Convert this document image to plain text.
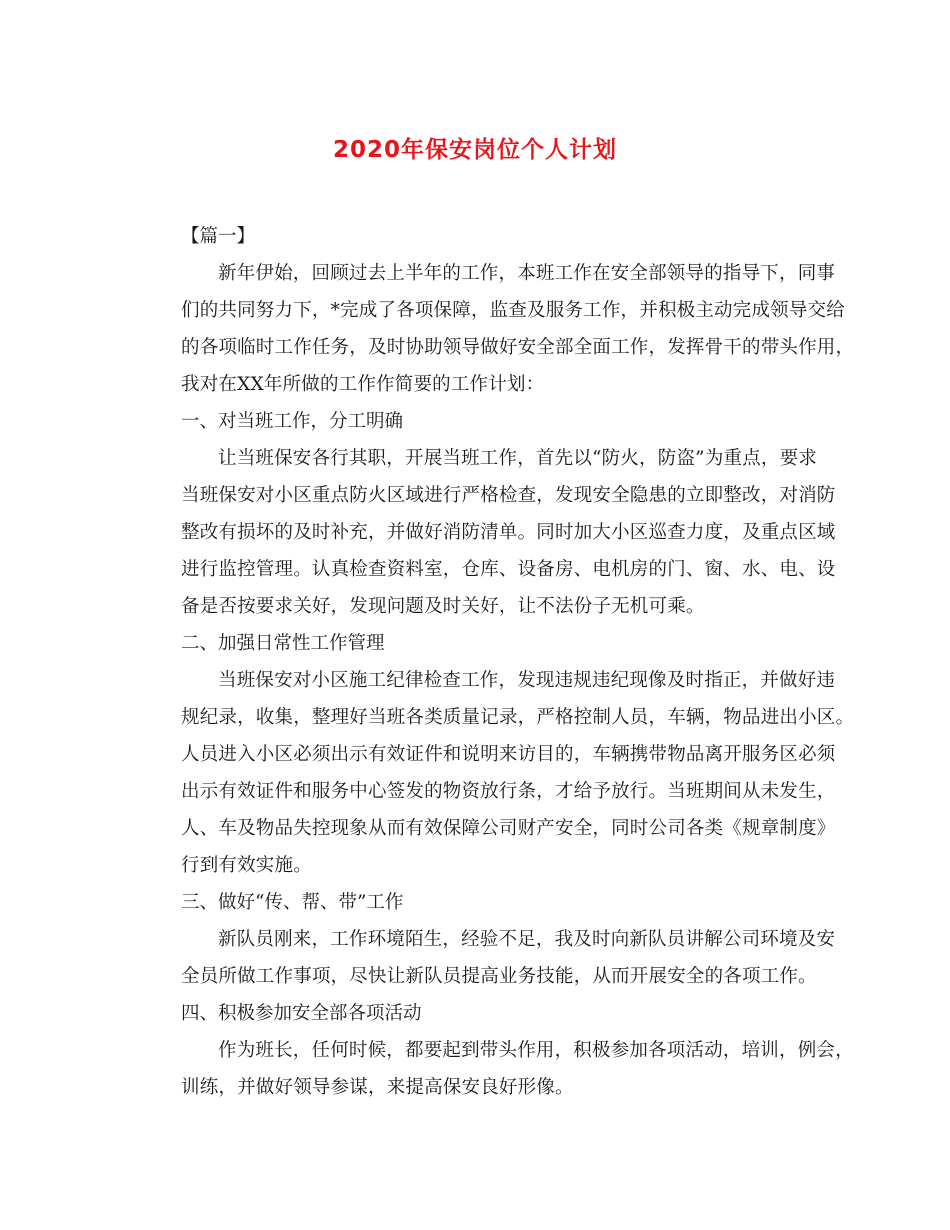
2020年保安岗位个人计划
【篇一】
新年伊始，回顾过去上半年的工作，本班工作在安全部领导的指导下，同事
们的共同努力下，*完成了各项保障，监查及服务工作，并积极主动完成领导交给
的各项临时工作任务，及时协助领导做好安全部全面工作，发挥骨干的带头作用，
我对在XX年所做的工作作简要的工作计划：
一、对当班工作，分工明确
让当班保安各行其职，开展当班工作，首先以“防火，防盗”为重点，要求
当班保安对小区重点防火区域进行严格检查，发现安全隐患的立即整改，对消防
整改有损坏的及时补充，并做好消防清单。同时加大小区巡查力度，及重点区域
进行监控管理。认真检查资料室，仓库、设备房、电机房的门、窗、水、电、设
备是否按要求关好，发现问题及时关好，让不法份子无机可乘。
二、加强日常性工作管理
当班保安对小区施工纪律检查工作，发现违规违纪现像及时指正，并做好违
规纪录，收集，整理好当班各类质量记录，严格控制人员，车辆，物品进出小区。
人员进入小区必须出示有效证件和说明来访目的，车辆携带物品离开服务区必须
出示有效证件和服务中心签发的物资放行条，才给予放行。当班期间从未发生，
人、车及物品失控现象从而有效保障公司财产安全，同时公司各类《规章制度》
行到有效实施。
三、做好“传、帮、带”工作
新队员刚来，工作环境陌生，经验不足，我及时向新队员讲解公司环境及安
全员所做工作事项，尽快让新队员提高业务技能，从而开展安全的各项工作。
四、积极参加安全部各项活动
作为班长，任何时候，都要起到带头作用，积极参加各项活动，培训，例会，
训练，并做好领导参谋，来提高保安良好形像。
